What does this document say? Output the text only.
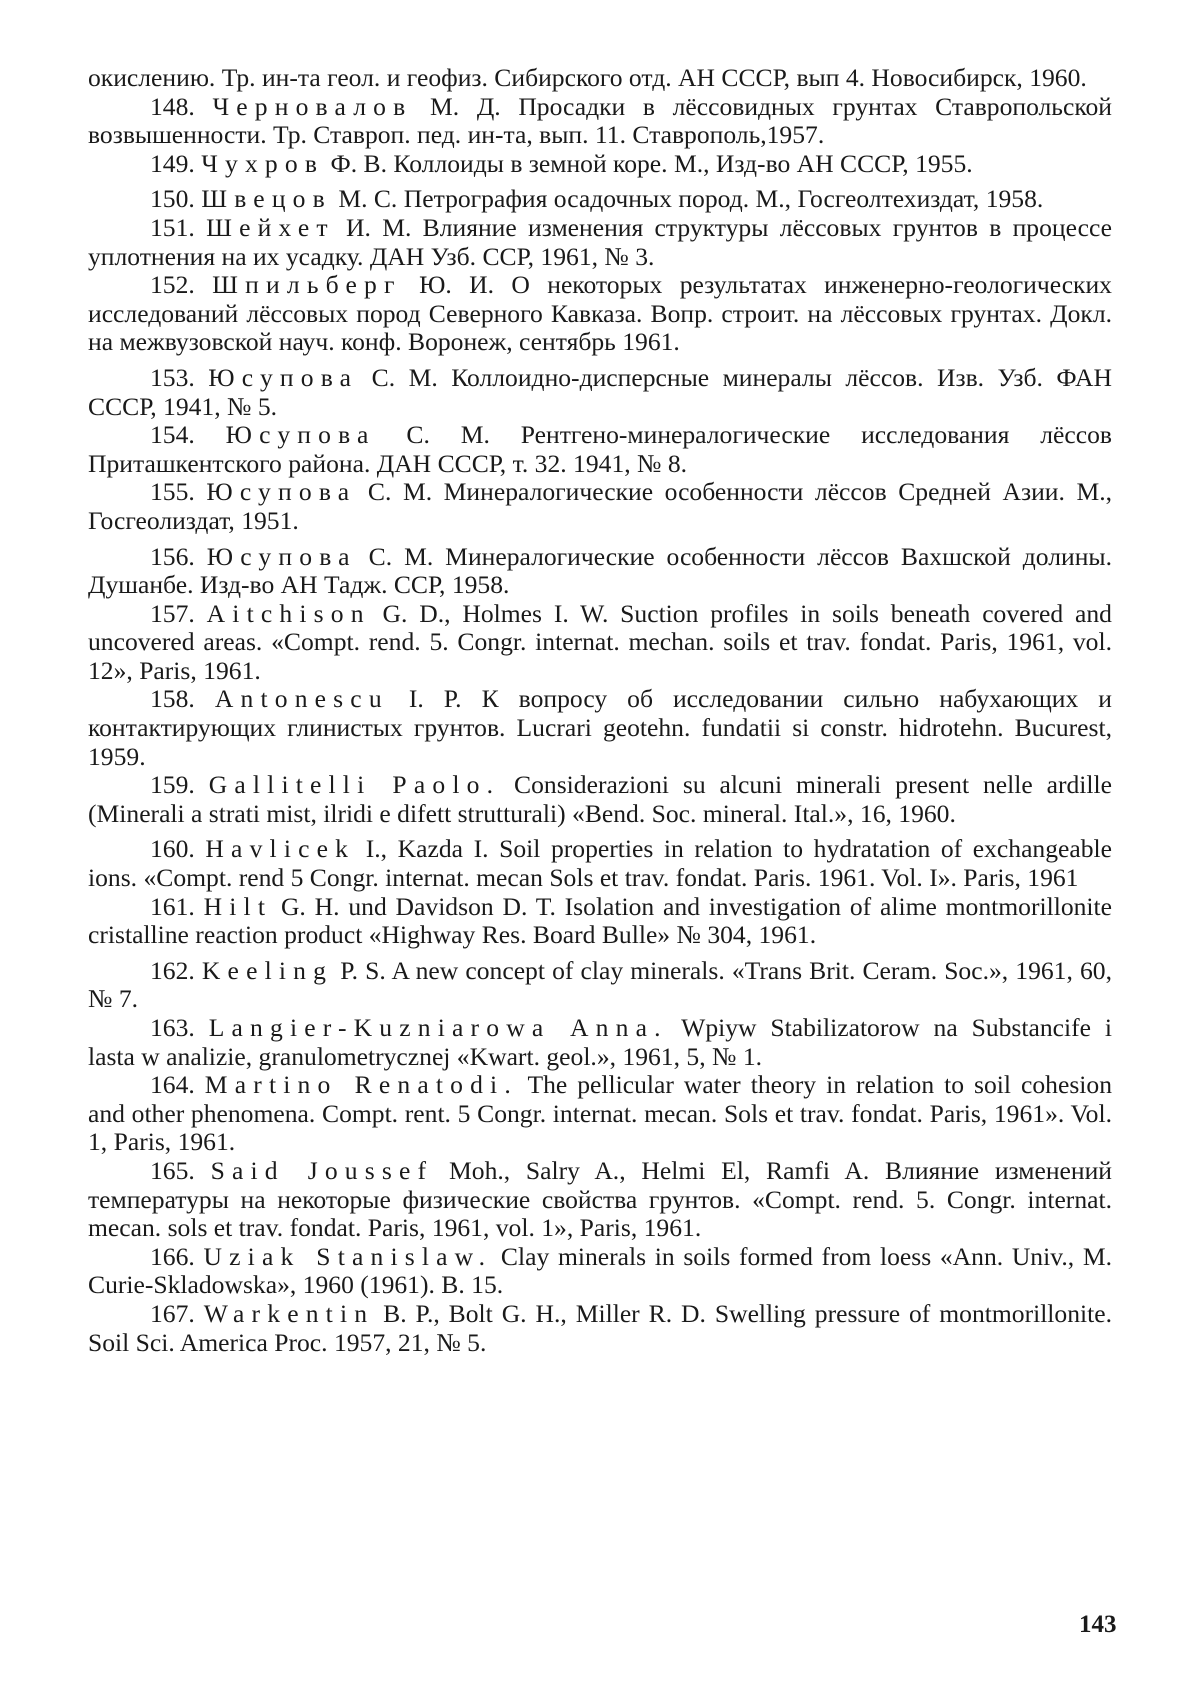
окислению. Тр. ин-та геол. и геофиз. Сибирского отд. АН СССР, вып 4. Новосибирск, 1960.

148. Черновалов М. Д. Просадки в лёссовидных грунтах Ставропольской возвышенности. Тр. Ставроп. пед. ин-та, вып. 11. Ставрополь,1957.

149. Чухров Ф. В. Коллоиды в земной коре. М., Изд-во АН СССР, 1955.

150. Швецов М. С. Петрография осадочных пород. М., Госгеолтехиздат, 1958.

151. Шейхет И. М. Влияние изменения структуры лёссовых грунтов в процессе уплотнения на их усадку. ДАН Узб. ССР, 1961, № 3.

152. Шпильберг Ю. И. О некоторых результатах инженерно-геологических исследований лёссовых пород Северного Кавказа. Вопр. строит. на лёссовых грунтах. Докл. на межвузовской науч. конф. Воронеж, сентябрь 1961.

153. Юсупова С. М. Коллоидно-дисперсные минералы лёссов. Изв. Узб. ФАН СССР, 1941, № 5.

154. Юсупова С. М. Рентгено-минералогические исследования лёссов Приташкентского района. ДАН СССР, т. 32. 1941, № 8.

155. Юсупова С. М. Минералогические особенности лёссов Средней Азии. М., Госгеолиздат, 1951.

156. Юсупова С. М. Минералогические особенности лёссов Вахшской долины. Душанбе. Изд-во АН Тадж. ССР, 1958.

157. Aitchison G. D., Holmes I. W. Suction profiles in soils beneath covered and uncovered areas. «Compt. rend. 5. Congr. internat. mechan. soils et trav. fondat. Paris, 1961, vol. 12», Paris, 1961.

158. Antonescu I. P. К вопросу об исследовании сильно набухающих и контактирующих глинистых грунтов. Lucrari geotehn. fundatii si constr. hidrotehn. Bucurest, 1959.

159. Gallitelli Paolo. Considerazioni su alcuni minerali present nelle ardille (Minerali a strati mist, ilridi e difett strutturali) «Bend. Soc. mineral. Ital.», 16, 1960.

160. Havlicek I., Kazda I. Soil properties in relation to hydratation of exchangeable ions. «Compt. rend 5 Congr. internat. mecan Sols et trav. fondat. Paris. 1961. Vol. I». Paris, 1961

161. Hilt G. H. und Davidson D. T. Isolation and investigation of alime montmorillonite cristalline reaction product «Highway Res. Board Bulle» № 304, 1961.

162. Keeling P. S. A new concept of clay minerals. «Trans Brit. Ceram. Soc.», 1961, 60, № 7.

163. Langier-Kuzniarowa Anna. Wpiyw Stabilizatorow na Substancife i lasta w analizie, granulometrycznej «Kwart. geol.», 1961, 5, № 1.

164. Martino Renatodi. The pellicular water theory in relation to soil cohesion and other phenomena. Compt. rent. 5 Congr. internat. mecan. Sols et trav. fondat. Paris, 1961». Vol. 1, Paris, 1961.

165. Said Joussef Moh., Salry A., Helmi El, Ramfi A. Влияние изменений температуры на некоторые физические свойства грунтов. «Compt. rend. 5. Congr. internat. mecan. sols et trav. fondat. Paris, 1961, vol. 1», Paris, 1961.

166. Uziak Stanislaw. Clay minerals in soils formed from loess «Ann. Univ., M. Curie-Skladowska», 1960 (1961). B. 15.

167. Warkentin B. P., Bolt G. H., Miller R. D. Swelling pressure of montmorillonite. Soil Sci. America Proc. 1957, 21, № 5.

143
